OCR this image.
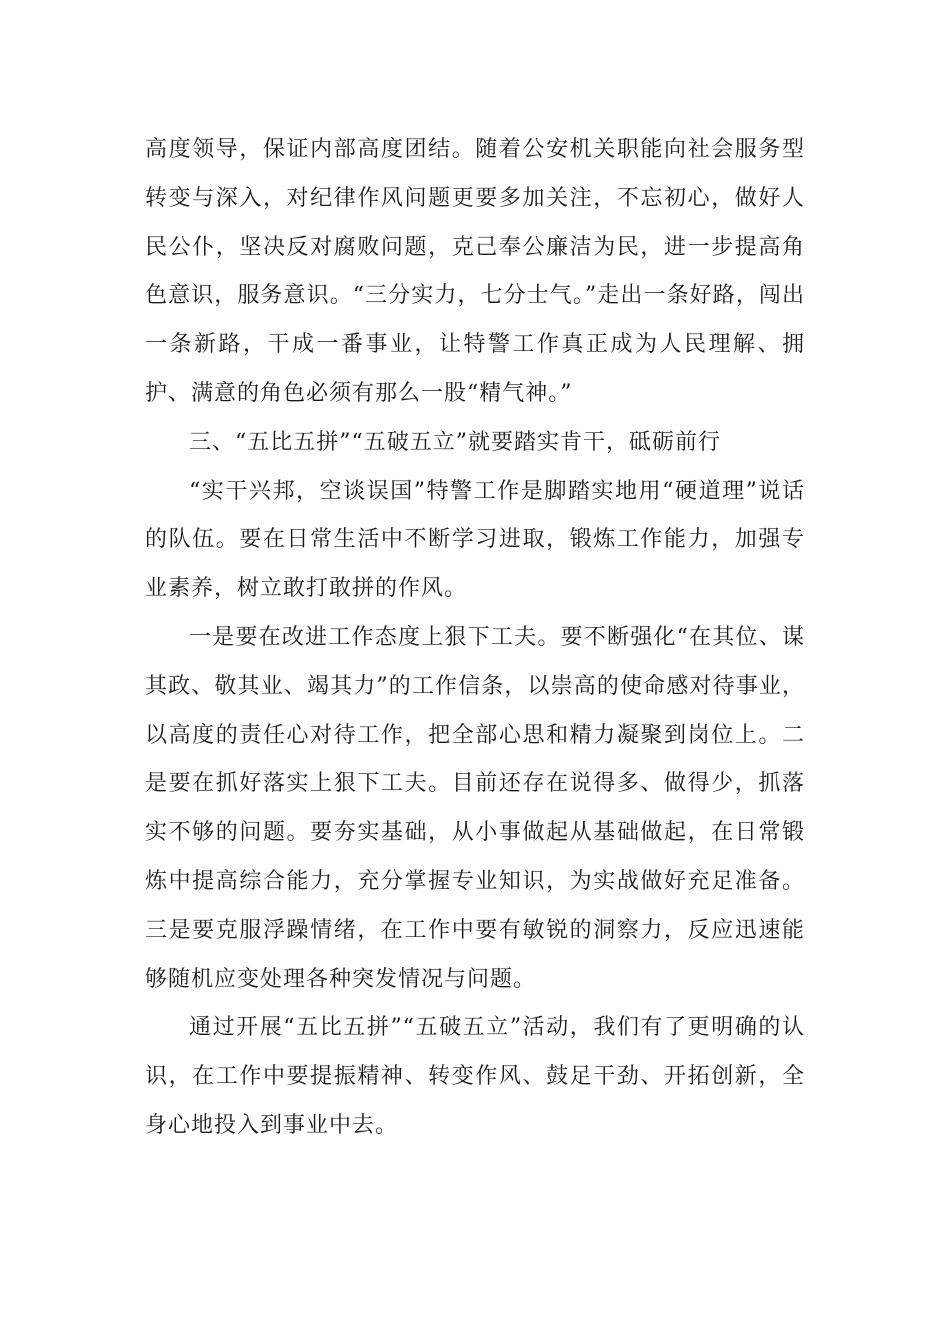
高度领导，保证内部高度团结。随着公安机关职能向社会服务型转变与深入，对纪律作风问题更要多加关注，不忘初心，做好人民公仆，坚决反对腐败问题，克己奉公廉洁为民，进一步提高角色意识，服务意识。“三分实力，七分士气。”走出一条好路，闯出一条新路，干成一番事业，让特警工作真正成为人民理解、拥护、满意的角色必须有那么一股“精气神。”

三、“五比五拼”“五破五立”就要踏实肯干，砥砺前行

“实干兴邦，空谈误国”特警工作是脚踏实地用“硬道理”说话的队伍。要在日常生活中不断学习进取，锻炼工作能力，加强专业素养，树立敢打敢拼的作风。

一是要在改进工作态度上狠下工夫。要不断强化“在其位、谋其政、敬其业、竭其力”的工作信条，以崇高的使命感对待事业，以高度的责任心对待工作，把全部心思和精力凝聚到岗位上。二是要在抓好落实上狠下工夫。目前还存在说得多、做得少，抓落实不够的问题。要夯实基础，从小事做起从基础做起，在日常锻炼中提高综合能力，充分掌握专业知识，为实战做好充足准备。三是要克服浮躁情绪，在工作中要有敏锐的洞察力，反应迅速能够随机应变处理各种突发情况与问题。

通过开展“五比五拼”“五破五立”活动，我们有了更明确的认识，在工作中要提振精神、转变作风、鼓足干劲、开拓创新，全身心地投入到事业中去。
